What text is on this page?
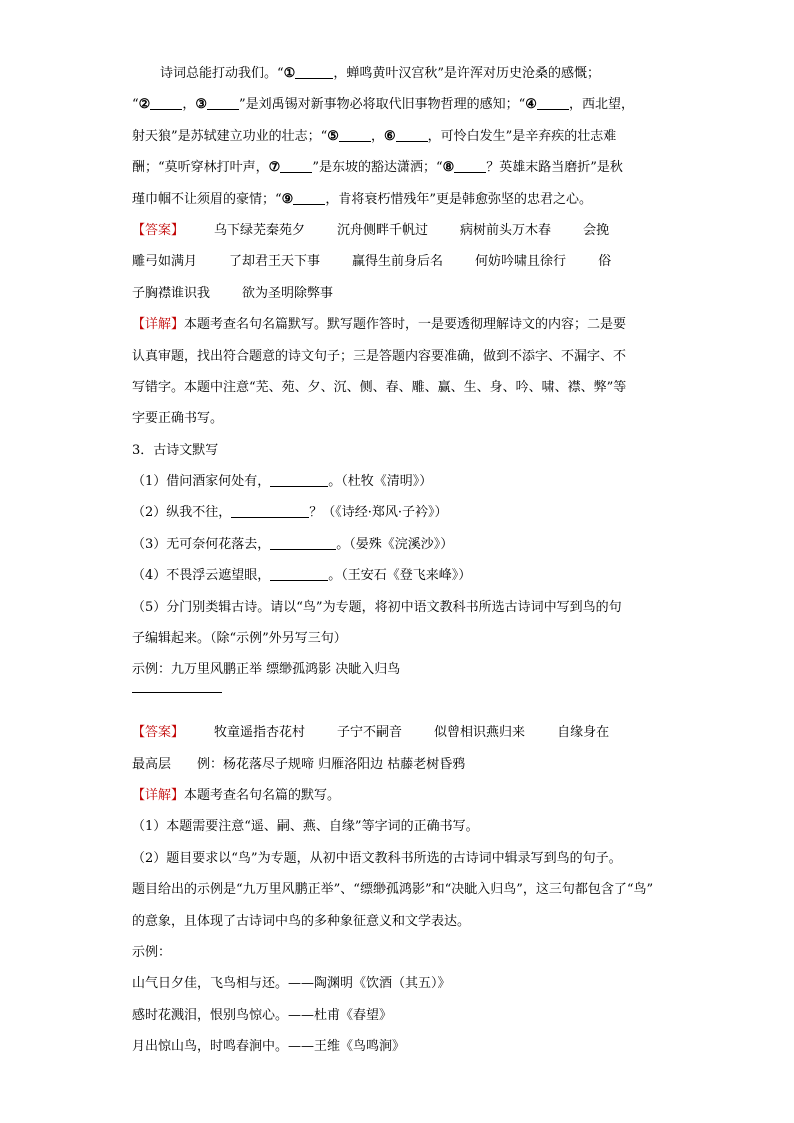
诗词总能打动我们。“①	，蝉鸣黄叶汉宫秋”是许浑对历史沧桑的感慨；
“② ，③ ”是刘禹锡对新事物必将取代旧事物哲理的感知；“④ ，西北望，
射天狼”是苏轼建立功业的壮志；“⑤ ，⑥ ，可怜白发生”是辛弃疾的壮志难
酬；“莫听穿林打叶声，⑦ ”是东坡的豁达潇洒；“⑧ ？英雄末路当磨折”是秋
瑾巾帼不让须眉的豪情；“⑨ ，肯将衰朽惜残年”更是韩愈弥坚的忠君之心。
【答案】 乌下绿芜秦苑夕 沉舟侧畔千帆过 病树前头万木春 会挽
雕弓如满月 了却君王天下事 赢得生前身后名 何妨吟啸且徐行 俗
子胸襟谁识我 欲为圣明除弊事
【详解】本题考查名句名篇默写。默写题作答时，一是要透彻理解诗文的内容；二是要
认真审题，找出符合题意的诗文句子；三是答题内容要准确，做到不添字、不漏字、不
写错字。本题中注意“芜、苑、夕、沉、侧、春、雕、赢、生、身、吟、啸、襟、弊”等
字要正确书写。
3．古诗文默写
（1）借问酒家何处有，	。（杜牧《清明》）
（2）纵我不往，	？（《诗经·郑风·子衿》）
（3）无可奈何花落去，	。（晏殊《浣溪沙》）
（4）不畏浮云遮望眼，	。（王安石《登飞来峰》）
（5）分门别类辑古诗。请以“鸟”为专题，将初中语文教科书所选古诗词中写到鸟的句
子编辑起来。（除“示例”外另写三句）
示例：九万里风鹏正举 缥缈孤鸿影 决眦入归鸟
【答案】 牧童遥指杏花村 子宁不嗣音 似曾相识燕归来 自缘身在
最高层 例：杨花落尽子规啼 归雁洛阳边 枯藤老树昏鸦
【详解】本题考查名句名篇的默写。
（1）本题需要注意“遥、嗣、燕、自缘”等字词的正确书写。
（2）题目要求以“鸟”为专题，从初中语文教科书所选的古诗词中辑录写到鸟的句子。
题目给出的示例是“九万里风鹏正举”、“缥缈孤鸿影”和“决眦入归鸟”，这三句都包含了“鸟”
的意象，且体现了古诗词中鸟的多种象征意义和文学表达。
示例：
山气日夕佳，飞鸟相与还。——陶渊明《饮酒（其五）》
感时花溅泪，恨别鸟惊心。——杜甫《春望》
月出惊山鸟，时鸣春涧中。——王维《鸟鸣涧》
